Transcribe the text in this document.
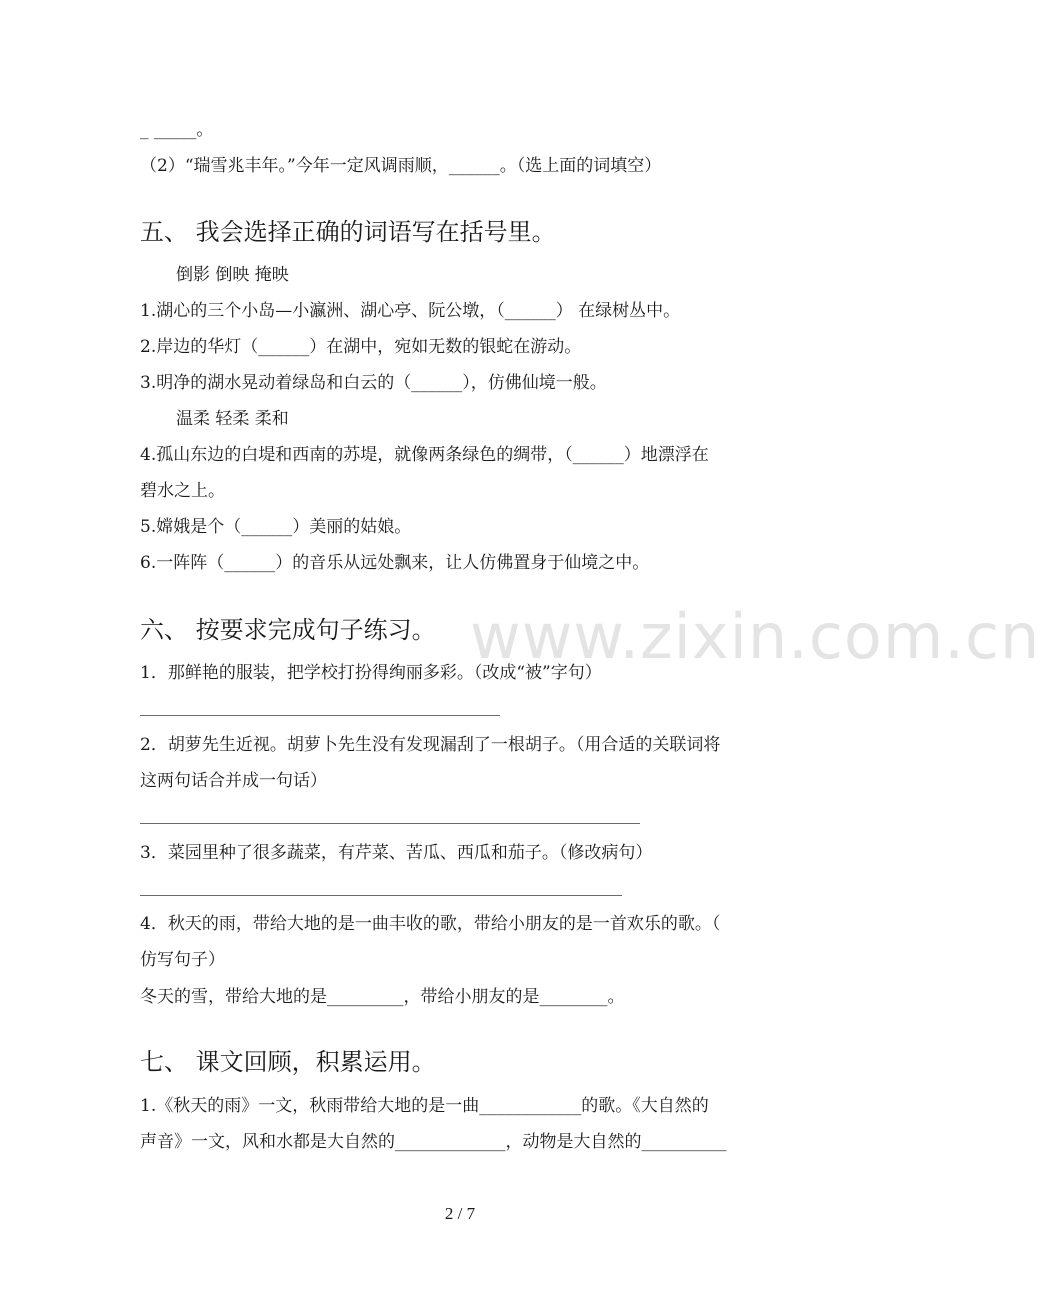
www.zixin.com.cn
_ _____。
（2）“瑞雪兆丰年。”今年一定风调雨顺，______。（选上面的词填空）
五、 我会选择正确的词语写在括号里。
倒影 倒映 掩映
1.湖心的三个小岛—小瀛洲、湖心亭、阮公墩，（______） 在绿树丛中。
2.岸边的华灯（______）在湖中，宛如无数的银蛇在游动。
3.明净的湖水晃动着绿岛和白云的（______），仿佛仙境一般。
温柔 轻柔 柔和
4.孤山东边的白堤和西南的苏堤，就像两条绿色的绸带，（______）地漂浮在
碧水之上。
5.嫦娥是个（______）美丽的姑娘。
6.一阵阵（______）的音乐从远处飘来，让人仿佛置身于仙境之中。
六、 按要求完成句子练习。
1．那鲜艳的服装，把学校打扮得绚丽多彩。（改成“被”字句）
2．胡萝先生近视。胡萝卜先生没有发现漏刮了一根胡子。（用合适的关联词将
这两句话合并成一句话）
3．菜园里种了很多蔬菜，有芹菜、苦瓜、西瓜和茄子。（修改病句）
4．秋天的雨，带给大地的是一曲丰收的歌，带给小朋友的是一首欢乐的歌。（
仿写句子）
冬天的雪，带给大地的是_________，带给小朋友的是________。
七、 课文回顾，积累运用。
1.《秋天的雨》一文，秋雨带给大地的是一曲____________的歌。《大自然的
声音》一文，风和水都是大自然的_____________，动物是大自然的__________
2 / 7
